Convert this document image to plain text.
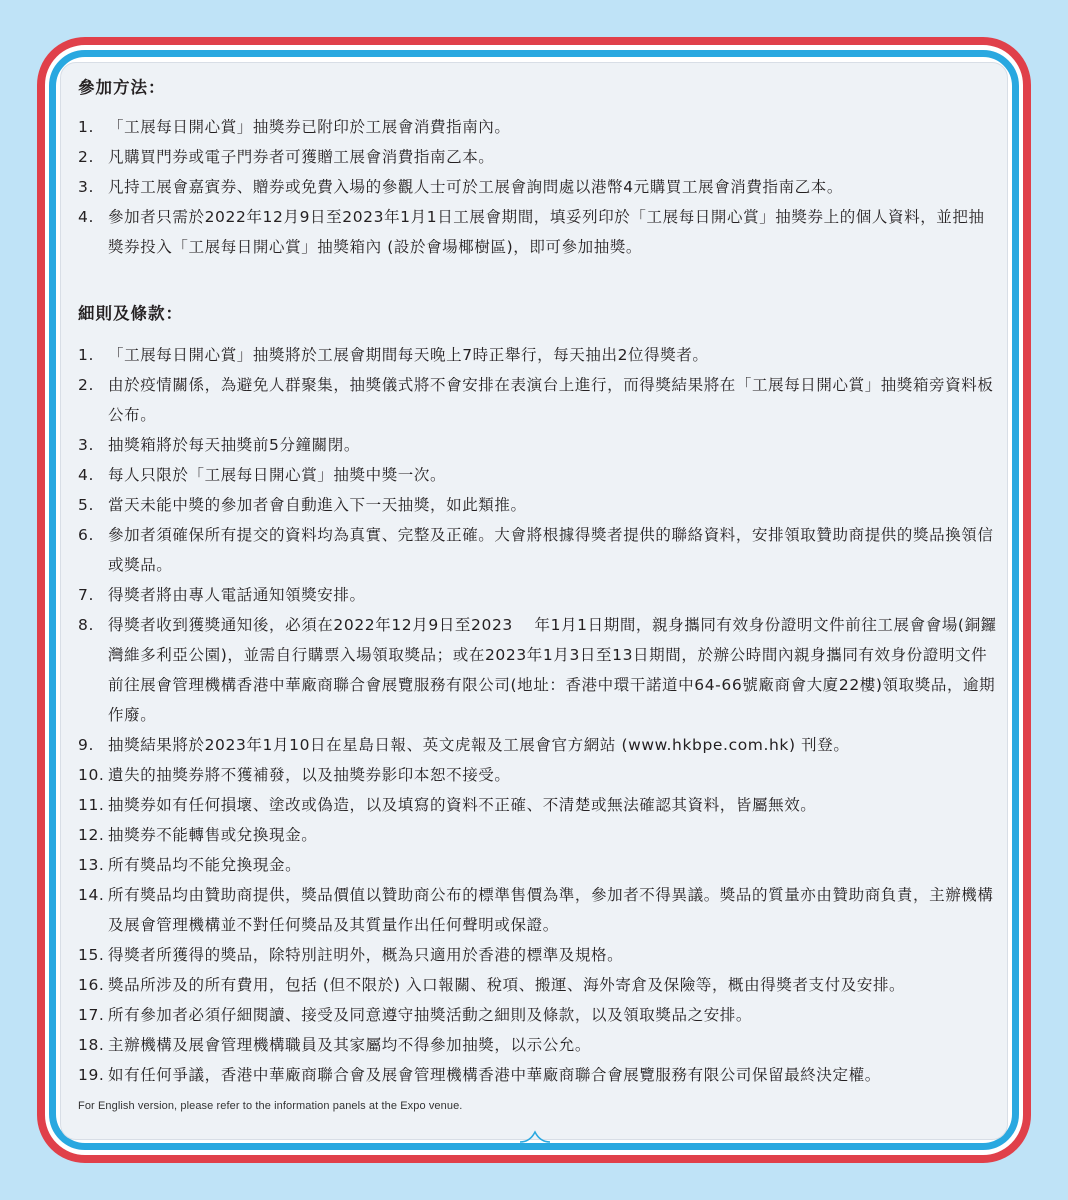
參加方法：
1. 「工展每日開心賞」抽獎券已附印於工展會消費指南內。
2. 凡購買門券或電子門券者可獲贈工展會消費指南乙本。
3. 凡持工展會嘉賓券、贈券或免費入場的參觀人士可於工展會詢問處以港幣4元購買工展會消費指南乙本。
4. 參加者只需於2022年12月9日至2023年1月1日工展會期間，填妥列印於「工展每日開心賞」抽獎券上的個人資料，並把抽獎券投入「工展每日開心賞」抽獎箱內 (設於會場椰樹區)，即可參加抽獎。
細則及條款：
1. 「工展每日開心賞」抽獎將於工展會期間每天晚上7時正舉行，每天抽出2位得獎者。
2. 由於疫情關係，為避免人群聚集，抽獎儀式將不會安排在表演台上進行，而得獎結果將在「工展每日開心賞」抽獎箱旁資料板公布。
3. 抽獎箱將於每天抽獎前5分鐘關閉。
4. 每人只限於「工展每日開心賞」抽獎中獎一次。
5. 當天未能中獎的參加者會自動進入下一天抽獎，如此類推。
6. 參加者須確保所有提交的資料均為真實、完整及正確。大會將根據得獎者提供的聯絡資料，安排領取贊助商提供的獎品換領信或獎品。
7. 得獎者將由專人電話通知領獎安排。
8. 得獎者收到獲獎通知後，必須在2022年12月9日至2023　 年1月1日期間，親身攜同有效身份證明文件前往工展會會場(銅鑼灣維多利亞公園)，並需自行購票入場領取獎品；或在2023年1月3日至13日期間，於辦公時間內親身攜同有效身份證明文件前往展會管理機構香港中華廠商聯合會展覽服務有限公司(地址：香港中環干諾道中64-66號廠商會大廈22樓)領取獎品，逾期作廢。
9. 抽獎結果將於2023年1月10日在星島日報、英文虎報及工展會官方網站 (www.hkbpe.com.hk) 刊登。
10. 遺失的抽獎券將不獲補發，以及抽獎券影印本恕不接受。
11. 抽獎券如有任何損壞、塗改或偽造，以及填寫的資料不正確、不清楚或無法確認其資料，皆屬無效。
12. 抽獎券不能轉售或兌換現金。
13. 所有獎品均不能兌換現金。
14. 所有獎品均由贊助商提供，獎品價值以贊助商公布的標準售價為準，參加者不得異議。獎品的質量亦由贊助商負責，主辦機構及展會管理機構並不對任何獎品及其質量作出任何聲明或保證。
15. 得獎者所獲得的獎品，除特別註明外，概為只適用於香港的標準及規格。
16. 獎品所涉及的所有費用，包括 (但不限於) 入口報關、稅項、搬運、海外寄倉及保險等，概由得獎者支付及安排。
17. 所有參加者必須仔細閱讀、接受及同意遵守抽獎活動之細則及條款，以及領取獎品之安排。
18. 主辦機構及展會管理機構職員及其家屬均不得參加抽獎，以示公允。
19. 如有任何爭議，香港中華廠商聯合會及展會管理機構香港中華廠商聯合會展覽服務有限公司保留最終決定權。
For English version, please refer to the information panels at the Expo venue.
